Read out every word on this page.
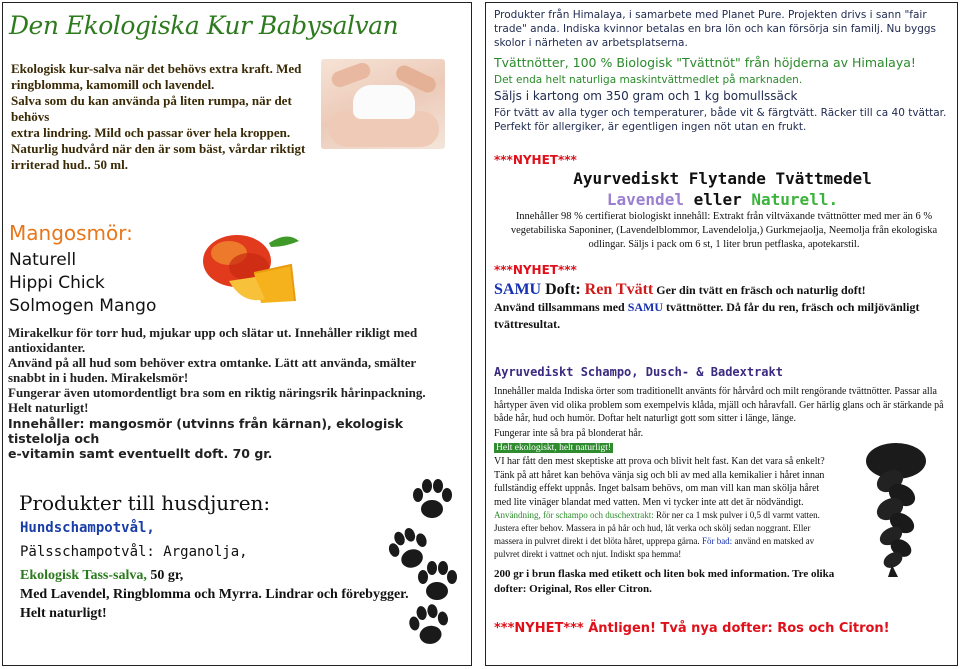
Den Ekologiska Kur Babysalvan
Ekologisk kur-salva när det behövs extra kraft. Med
ringblomma, kamomill och lavendel.
Salva som du kan använda på liten rumpa, när det behövs
extra lindring. Mild och passar över hela kroppen.
Naturlig hudvård när den är som bäst, vårdar riktigt
irriterad hud.. 50 ml.
Mangosmör:
Naturell
Hippi Chick
Solmogen Mango
Mirakelkur för torr hud, mjukar upp och slätar ut. Innehåller rikligt med
antioxidanter.
Använd på all hud som behöver extra omtanke. Lätt att använda, smälter
snabbt in i huden. Mirakelsmör!
Fungerar även utomordentligt bra som en riktig näringsrik hårinpackning.
Helt naturligt!
Innehåller: mangosmör (utvinns från kärnan), ekologisk tistelolja och
e-vitamin samt eventuellt doft. 70 gr.
Produkter till husdjuren:
Hundschampotvål,
Pälsschampotvål: Arganolja,
Ekologisk Tass-salva, 50 gr,
Med Lavendel, Ringblomma och Myrra. Lindrar och förebygger.
Helt naturligt!
Produkter från Himalaya, i samarbete med Planet Pure. Projekten drivs i sann "fair
trade" anda. Indiska kvinnor betalas en bra lön och kan försörja sin familj. Nu byggs
skolor i närheten av arbetsplatserna.
Tvättnötter, 100 % Biologisk "Tvättnöt" från höjderna av Himalaya!
Det enda helt naturliga maskintvättmedlet på marknaden.
Säljs i kartong om 350 gram och 1 kg bomullssäck
För tvätt av alla tyger och temperaturer, både vit & färgtvätt. Räcker till ca 40 tvättar.
Perfekt för allergiker, är egentligen ingen nöt utan en frukt.
***NYHET***
Ayurvediskt Flytande Tvättmedel
Lavendel eller Naturell.
Innehåller 98 % certifierat biologiskt innehåll: Extrakt från viltväxande tvättnötter med mer än 6 % vegetabiliska Saponiner, (Lavendelblommor, Lavendelolja,) Gurkmejaolja, Neemolja från ekologiska odlingar. Säljs i pack om 6 st, 1 liter brun petflaska, apotekarstil.
***NYHET***
SAMU Doft: Ren Tvätt Ger din tvätt en fräsch och naturlig doft!
Använd tillsammans med SAMU tvättnötter. Då får du ren, fräsch och miljövänligt
tvättresultat.
Ayruvediskt Schampo, Dusch- & Badextrakt
Innehåller malda Indiska örter som traditionellt använts för hårvård och milt rengörande tvättnötter. Passar alla hårtyper även vid olika problem som exempelvis klåda, mjäll och håravfall. Ger härlig glans och är stärkande på både hår, hud och humör. Doftar helt naturligt gott som sitter i länge, länge.
Fungerar inte så bra på blonderat hår.
Helt ekologiskt, helt naturligt!
VI har fått den mest skeptiske att prova och blivit helt fast. Kan det vara så enkelt? Tänk på att håret kan behöva vänja sig och bli av med alla kemikalier i håret innan fullständig effekt uppnås. Inget balsam behövs, om man vill kan man skölja håret med lite vinäger blandat med vatten. Men vi tycker inte att det är nödvändigt.
Användning, för schampo och duschextrakt: Rör ner ca 1 msk pulver i 0,5 dl varmt vatten. Justera efter behov. Massera in på hår och hud, låt verka och skölj sedan noggrant. Eller massera in pulvret direkt i det blöta håret, upprepa gärna. För bad: använd en matsked av pulvret direkt i vattnet och njut. Indiskt spa hemma!
200 gr i brun flaska med etikett och liten bok med information. Tre olika dofter: Original, Ros eller Citron.
***NYHET*** Äntligen! Två nya dofter: Ros och Citron!
